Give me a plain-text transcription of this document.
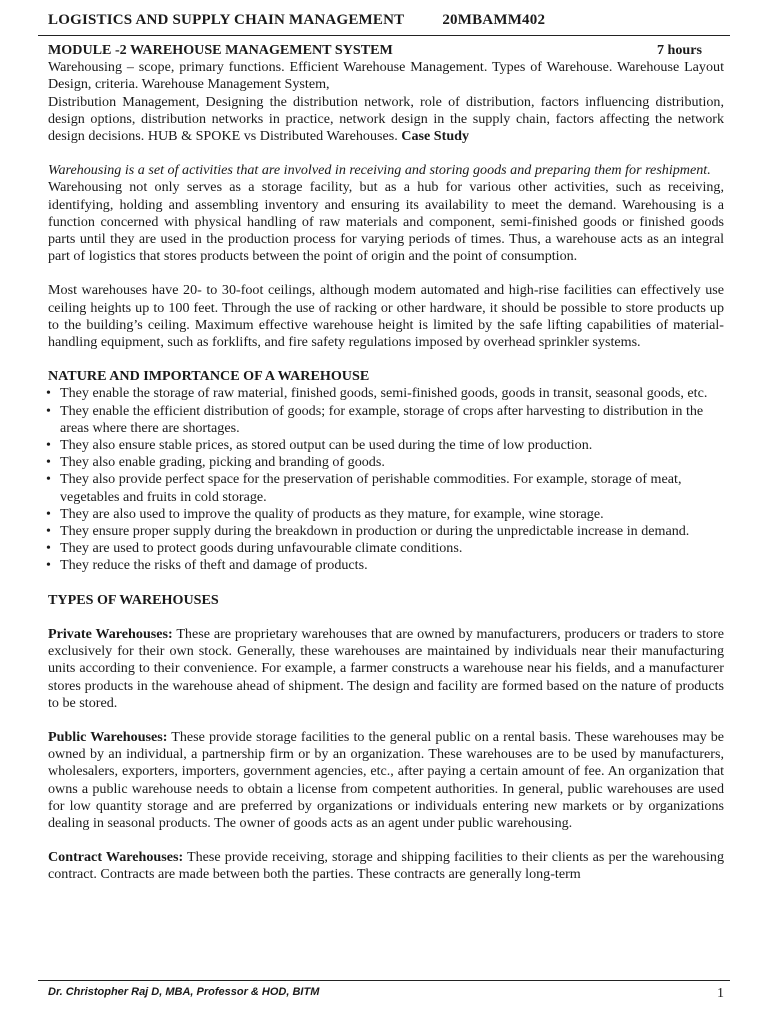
LOGISTICS AND SUPPLY CHAIN MANAGEMENT	20MBAMM402
MODULE -2 WAREHOUSE MANAGEMENT SYSTEM	7 hours

Warehousing – scope, primary functions. Efficient Warehouse Management. Types of Warehouse. Warehouse Layout Design, criteria. Warehouse Management System,

Distribution Management, Designing the distribution network, role of distribution, factors influencing distribution, design options, distribution networks in practice, network design in the supply chain, factors affecting the network design decisions. HUB & SPOKE vs Distributed Warehouses. Case Study

Warehousing is a set of activities that are involved in receiving and storing goods and preparing them for reshipment.

Warehousing not only serves as a storage facility, but as a hub for various other activities, such as receiving, identifying, holding and assembling inventory and ensuring its availability to meet the demand. Warehousing is a function concerned with physical handling of raw materials and component, semi-finished goods or finished goods parts until they are used in the production process for varying periods of times. Thus, a warehouse acts as an integral part of logistics that stores products between the point of origin and the point of consumption.

Most warehouses have 20- to 30-foot ceilings, although modem automated and high-rise facilities can effectively use ceiling heights up to 100 feet. Through the use of racking or other hardware, it should be possible to store products up to the building’s ceiling. Maximum effective warehouse height is limited by the safe lifting capabilities of material-handling equipment, such as forklifts, and fire safety regulations imposed by overhead sprinkler systems.

NATURE AND IMPORTANCE OF A WAREHOUSE
• They enable the storage of raw material, finished goods, semi-finished goods, goods in transit, seasonal goods, etc.
• They enable the efficient distribution of goods; for example, storage of crops after harvesting to distribution in the areas where there are shortages.
• They also ensure stable prices, as stored output can be used during the time of low production.
• They also enable grading, picking and branding of goods.
• They also provide perfect space for the preservation of perishable commodities. For example, storage of meat, vegetables and fruits in cold storage.
• They are also used to improve the quality of products as they mature, for example, wine storage.
• They ensure proper supply during the breakdown in production or during the unpredictable increase in demand.
• They are used to protect goods during unfavourable climate conditions.
• They reduce the risks of theft and damage of products.
TYPES OF WAREHOUSES

Private Warehouses: These are proprietary warehouses that are owned by manufacturers, producers or traders to store exclusively for their own stock. Generally, these warehouses are maintained by individuals near their manufacturing units according to their convenience. For example, a farmer constructs a warehouse near his fields, and a manufacturer stores products in the warehouse ahead of shipment. The design and facility are formed based on the nature of products to be stored.

Public Warehouses: These provide storage facilities to the general public on a rental basis. These warehouses may be owned by an individual, a partnership firm or by an organization. These warehouses are to be used by manufacturers, wholesalers, exporters, importers, government agencies, etc., after paying a certain amount of fee. An organization that owns a public warehouse needs to obtain a license from competent authorities. In general, public warehouses are used for low quantity storage and are preferred by organizations or individuals entering new markets or by organizations dealing in seasonal products. The owner of goods acts as an agent under public warehousing.

Contract Warehouses: These provide receiving, storage and shipping facilities to their clients as per the warehousing contract. Contracts are made between both the parties. These contracts are generally long-term

Dr. Christopher Raj D, MBA, Professor & HOD, BITM	1
